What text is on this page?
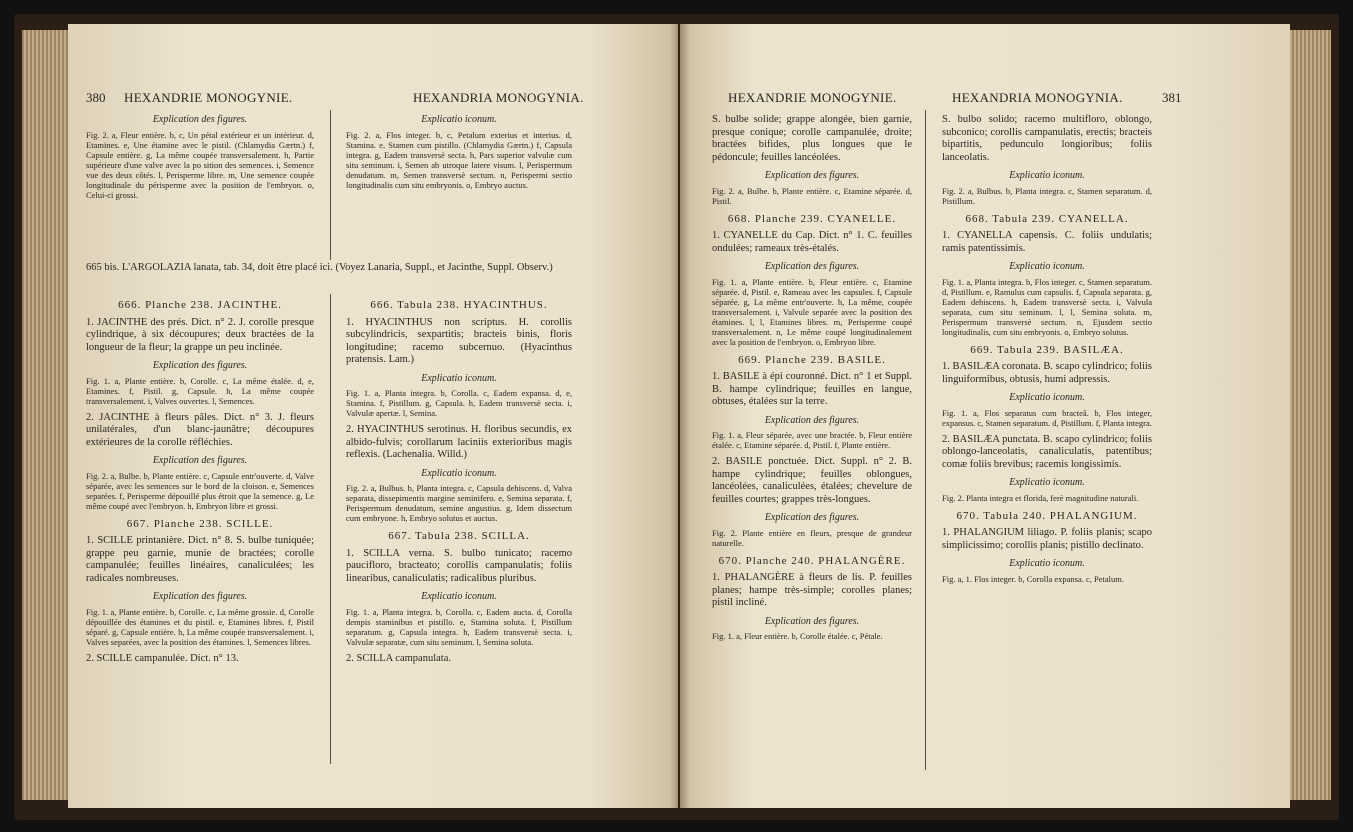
380 HEXANDRIE MONOGYNIE.	HEXANDRIA MONOGYNIA.
Explication des figures.

Fig. 2. a, Fleur entière. b, c, Un pétal extérieur et un intérieur. d, Etamines. e, Une étamine avec le pistil. (Chlamydia Gærtn.) f, Capsule entière. g, La même coupée transversalement. h, Partie supérieure d'une valve avec la po sition des semences. i, Semence vue des deux côtés. l, Perisperme libre. m, Une semence coupée longitudinale du périsperme avec la position de l'embryon. o, Celui-ci grossi.

Explicatio iconum.

Fig. 2. a, Flos integer. b, c, Petalum exterius et interius. d, Stamina. e, Stamen cum pistillo. (Chlamydia Gærtn.) f, Capsula integra. g, Eadem transversè secta. h, Pars superior valvulæ cum situ seminum. i, Semen ab utroque latere visum. l, Perispermum denudatum. m, Semen transversè sectum. n, Perispermi sectio longitudinalis cum situ embryonis. o, Embryo auctus.

665 bis. L'ARGOLAZIA lanata, tab. 34, doit être placé ici. (Voyez Lanaria, Suppl., et Jacinthe, Suppl. Observ.)
666. Planche 238. JACINTHE.

1. JACINTHE des prés. Dict. n° 2. J. corolle presque cylindrique, à six découpures; deux bractées de la longueur de la fleur; la grappe un peu inclinée.

Explication des figures.

Fig. 1. a, Plante entière. b, Corolle. c, La même étalée. d, e, Etamines. f, Pistil. g, Capsule. h, La même coupée transversalement. i, Valves ouvertes. l, Semences.

2. JACINTHE à fleurs pâles. Dict. n° 3. J. fleurs unilatérales, d'un blanc-jaunâtre; découpures extérieures de la corolle réfléchies.

Explication des figures.

Fig. 2. a, Bulbe. b, Plante entière. c, Capsule entr'ouverte. d, Valve séparée, avec les semences sur le bord de la cloison. e, Semences separées. f, Perisperme dépouillé plus étroit que la semence. g, Le même coupé avec l'embryon. h, Embryon libre et grossi.

667. Planche 238. SCILLE.

1. SCILLE printanière. Dict. n° 8. S. bulbe tuniquée; grappe peu garnie, munie de bractées; corolle campanulée; feuilles linéaires, canaliculées; les radicales nombreuses.

Explication des figures.

Fig. 1. a, Plante entière. b, Corolle. c, La même grossie. d, Corolle dépouillée des étamines et du pistil. e, Etamines libres. f, Pistil séparé. g, Capsule entière. h, La même coupée transversalement. i, Valves separées, avec la position des étamines. l, Semences libres.

2. SCILLE campanulée. Dict. n° 13.

666. Tabula 238. HYACINTHUS.

1. HYACINTHUS non scriptus. H. corollis subcylindricis, sexpartitis; bracteis binis, floris longitudine; racemo subcernuo. (Hyacinthus pratensis. Lam.)

Explicatio iconum.

Fig. 1. a, Planta integra. b, Corolla. c, Eadem expansa. d, e, Stamina. f, Pistillum. g, Capsula. h, Eadem transversè secta. i, Valvulæ apertæ. l, Semina.

2. HYACINTHUS serotinus. H. floribus secundis, ex albido-fulvis; corollarum laciniis exterioribus magis reflexis. (Lachenalia. Willd.)

Explicatio iconum.

Fig. 2. a, Bulbus. b, Planta integra. c, Capsula dehiscens. d, Valva separata, dissepimentis margine seminifero. e, Semina separata. f, Perispermum denudatum, semine angustius. g, Idem dissectum cum embryone. h, Embryo solutus et auctus.

667. Tabula 238. SCILLA.

1. SCILLA verna. S. bulbo tunicato; racemo paucifloro, bracteato; corollis campanulatis; foliis linearibus, canaliculatis; radicalibus pluribus.

Explicatio iconum.

Fig. 1. a, Planta integra. b, Corolla. c, Eadem aucta. d, Corolla dempis staminibus et pistillo. e, Stamina soluta. f, Pistillum separatum. g, Capsula integra. h, Eadem transversè secta. i, Valvulæ separatæ, cum situ seminum. l, Semina soluta.

2. SCILLA campanulata.

HEXANDRIE MONOGYNIE.	HEXANDRIA MONOGYNIA.	381

S. bulbe solide; grappe alongée, bien garnie, presque conique; corolle campanulée, droite; bractées bifides, plus longues que le pédoncule; feuilles lancéolées.

Explication des figures.

Fig. 2. a, Bulbe. b, Plante entière. c, Etamine séparée. d, Pistil.

668. Planche 239. CYANELLE.

1. CYANELLE du Cap. Dict. n° 1. C. feuilles ondulées; rameaux très-étalés.

Explication des figures.

Fig. 1. a, Plante entière. b, Fleur entière. c, Etamine séparée. d, Pistil. e, Rameau avec les capsules. f, Capsule séparée. g, La même entr'ouverte. h, La même, coupée transversalement. i, Valvule separée avec la position des étamines. l, l, Etamines libres. m, Perisperme coupé transversalement. n, Le même coupé longitudinalement avec la position de l'embryon. o, Embryon libre.

669. Planche 239. BASILE.

1. BASILE à épi couronné. Dict. n° 1 et Suppl. B. hampe cylindrique; feuilles en langue, obtuses, étalées sur la terre.

Explication des figures.

Fig. 1. a, Fleur séparée, avec une bractée. b, Fleur entière étalée. c, Etamine séparée. d, Pistil. f, Plante entière.

2. BASILE ponctuée. Dict. Suppl. n° 2. B. hampe cylindrique; feuilles oblongues, lancéolées, canaliculées, étalées; chevelure de feuilles courtes; grappes très-longues.

Explication des figures.

Fig. 2. Plante entière en fleurs, presque de grandeur naturelle.

670. Planche 240. PHALANGÈRE.

1. PHALANGÈRE à fleurs de lis. P. feuilles planes; hampe très-simple; corolles planes; pistil incliné.

Explication des figures.

Fig. 1. a, Fleur entière. b, Corolle étalée. c, Pétale.

S. bulbo solido; racemo multifloro, oblongo, subconico; corollis campanulatis, erectis; bracteis bipartitis, pedunculo longioribus; foliis lanceolatis.

Explicatio iconum.

Fig. 2. a, Bulbus. b, Planta integra. c, Stamen separatum. d, Pistillum.

668. Tabula 239. CYANELLA.

1. CYANELLA capensis. C. foliis undulatis; ramis patentissimis.

Explicatio iconum.

Fig. 1. a, Planta integra. b, Flos integer. c, Stamen separatum. d, Pistillum. e, Ramulus cum capsulis. f, Capsula separata. g, Eadem dehiscens. h, Eadem transversè secta. i, Valvula separata, cum situ seminum. l, l, Semina soluta. m, Perispermum transversè sectum. n, Ejusdem sectio longitudinalis, cum situ embryonis. o, Embryo solutus.

669. Tabula 239. BASILÆA.

1. BASILÆA coronata. B. scapo cylindrico; foliis linguiformibus, obtusis, humi adpressis.

Explicatio iconum.

Fig. 1. a, Flos separatus cum bracteâ. b, Flos integer, expansus. c, Stamen separatum. d, Pistillum. f, Planta integra.

2. BASILÆA punctata. B. scapo cylindrico; foliis oblongo-lanceolatis, canaliculatis, patentibus; comæ foliis brevibus; racemis longissimis.

Explicatio iconum.

Fig. 2. Planta integra et florida, ferè magnitudine naturali.

670. Tabula 240. PHALANGIUM.

1. PHALANGIUM liliago. P. foliis planis; scapo simplicissimo; corollis planis; pistillo declinato.

Explicatio iconum.

Fig. a, 1. Flos integer. b, Corolla expansa. c, Petalum.
